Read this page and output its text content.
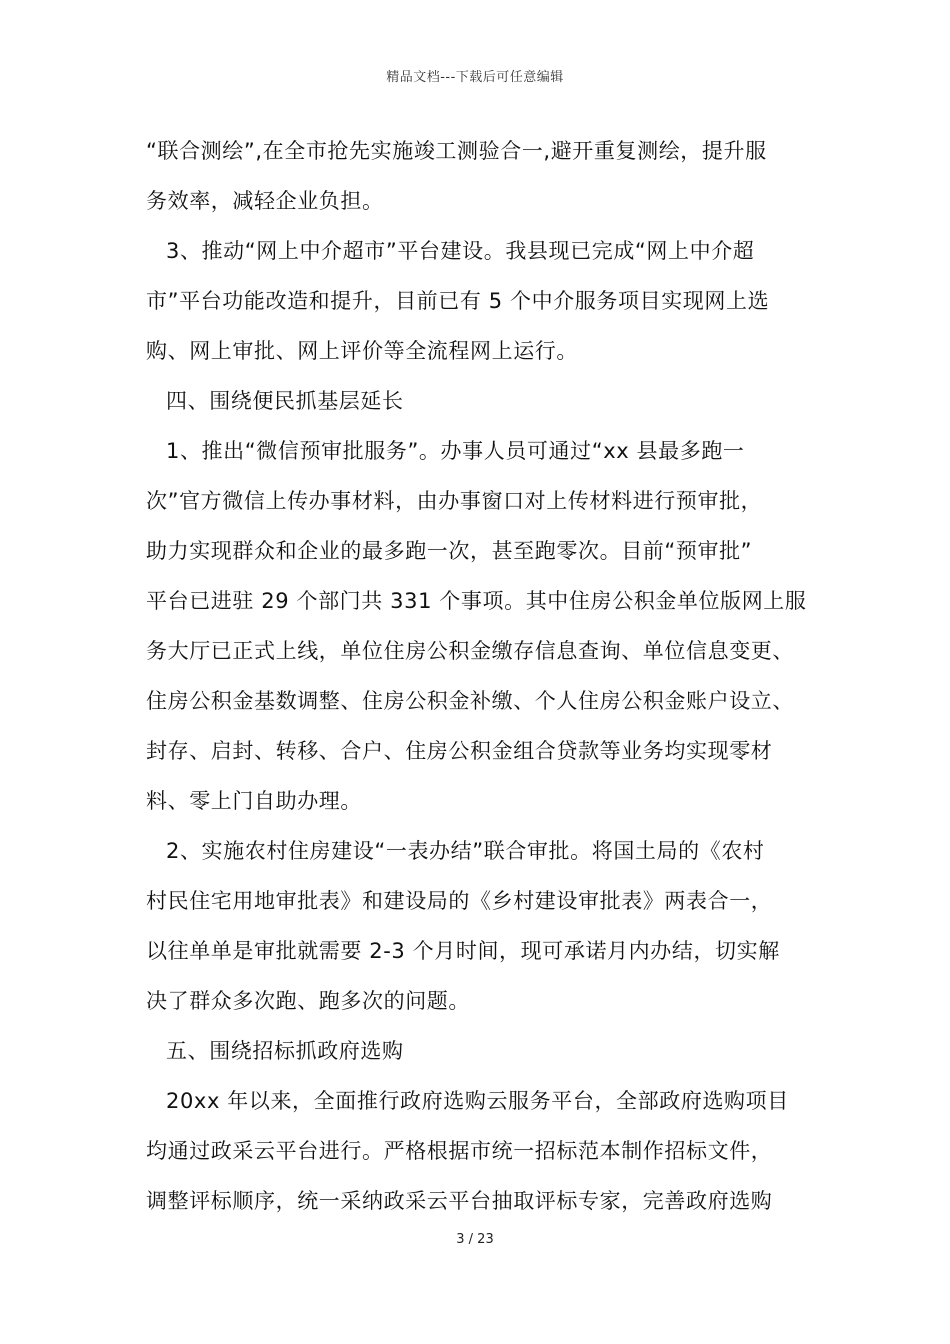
精品文档---下载后可任意编辑
“联合测绘”,在全市抢先实施竣工测验合一,避开重复测绘，提升服
务效率，减轻企业负担。
3、推动“网上中介超市”平台建设。我县现已完成“网上中介超
市”平台功能改造和提升，目前已有 5 个中介服务项目实现网上选
购、网上审批、网上评价等全流程网上运行。
四、围绕便民抓基层延长
1、推出“微信预审批服务”。办事人员可通过“xx 县最多跑一
次”官方微信上传办事材料，由办事窗口对上传材料进行预审批，
助力实现群众和企业的最多跑一次，甚至跑零次。目前“预审批”
平台已进驻 29 个部门共 331 个事项。其中住房公积金单位版网上服
务大厅已正式上线，单位住房公积金缴存信息查询、单位信息变更、
住房公积金基数调整、住房公积金补缴、个人住房公积金账户设立、
封存、启封、转移、合户、住房公积金组合贷款等业务均实现零材
料、零上门自助办理。
2、实施农村住房建设“一表办结”联合审批。将国土局的《农村
村民住宅用地审批表》和建设局的《乡村建设审批表》两表合一，
以往单单是审批就需要 2-3 个月时间，现可承诺月内办结，切实解
决了群众多次跑、跑多次的问题。
五、围绕招标抓政府选购
20xx 年以来，全面推行政府选购云服务平台，全部政府选购项目
均通过政采云平台进行。严格根据市统一招标范本制作招标文件，
调整评标顺序，统一采纳政采云平台抽取评标专家，完善政府选购
3 / 23
